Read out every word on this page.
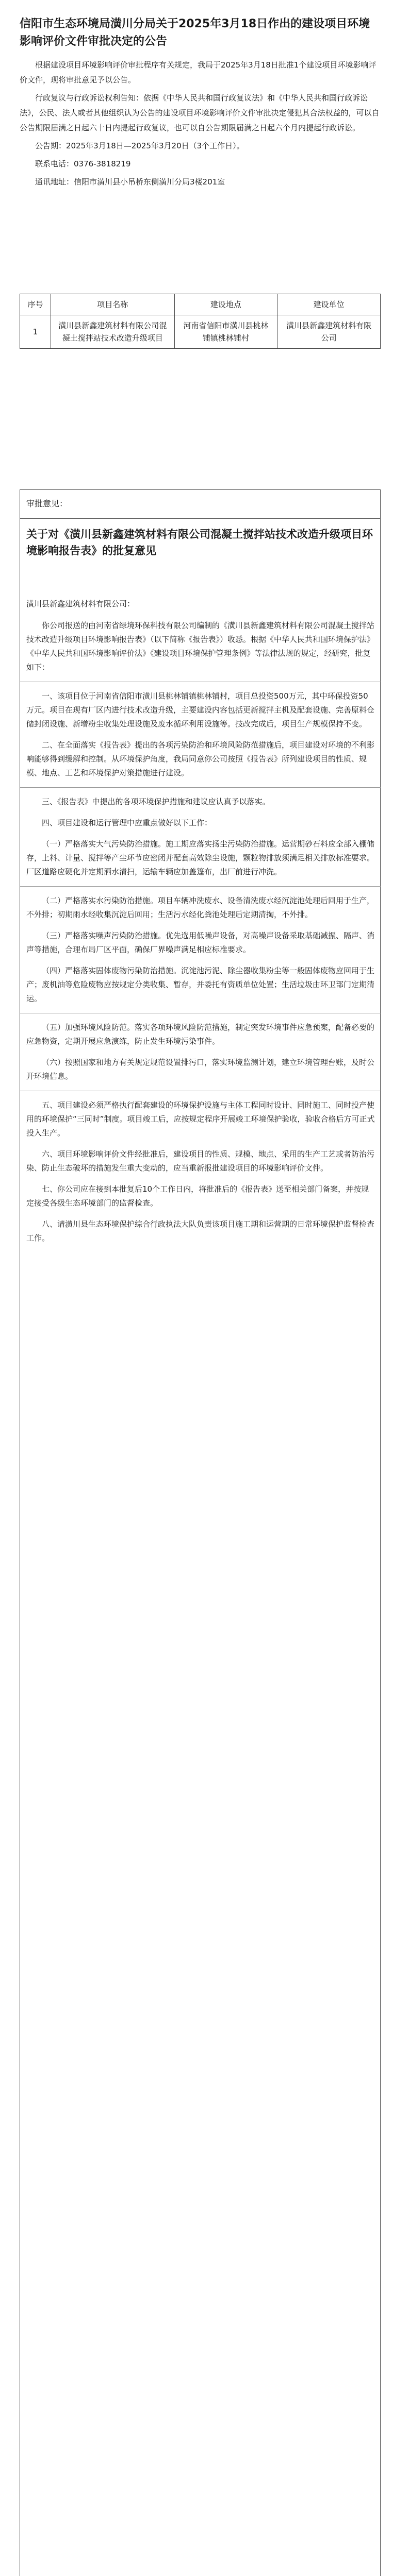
信阳市生态环境局潢川分局关于2025年3月18日作出的建设项目环境影响评价文件审批决定的公告

根据建设项目环境影响评价审批程序有关规定，我局于2025年3月18日批准1个建设项目环境影响评价文件，现将审批意见予以公告。

行政复议与行政诉讼权利告知：依据《中华人民共和国行政复议法》和《中华人民共和国行政诉讼法》，公民、法人或者其他组织认为公告的建设项目环境影响评价文件审批决定侵犯其合法权益的，可以自公告期限届满之日起六十日内提起行政复议，也可以自公告期限届满之日起六个月内提起行政诉讼。

公告期：2025年3月18日—2025年3月20日（3个工作日）。

联系电话：0376-3818219

通讯地址：信阳市潢川县小吊桥东侧潢川分局3楼201室

序号	项目名称	建设地点	建设单位
1	潢川县新鑫建筑材料有限公司混凝土搅拌站技术改造升级项目	河南省信阳市潢川县桃林铺镇桃林铺村	潢川县新鑫建筑材料有限公司
审批意见：
关于对《潢川县新鑫建筑材料有限公司混凝土搅拌站技术改造升级项目环境影响报告表》的批复意见
潢川县新鑫建筑材料有限公司：

你公司报送的由河南省绿境环保科技有限公司编制的《潢川县新鑫建筑材料有限公司混凝土搅拌站技术改造升级项目环境影响报告表》（以下简称《报告表》）收悉。根据《中华人民共和国环境保护法》《中华人民共和国环境影响评价法》《建设项目环境保护管理条例》等法律法规的规定，经研究，批复如下：

一、该项目位于河南省信阳市潢川县桃林铺镇桃林铺村，项目总投资500万元，其中环保投资50万元。项目在现有厂区内进行技术改造升级，主要建设内容包括更新搅拌主机及配套设施、完善原料仓储封闭设施、新增粉尘收集处理设施及废水循环利用设施等。技改完成后，项目生产规模保持不变。

二、在全面落实《报告表》提出的各项污染防治和环境风险防范措施后，项目建设对环境的不利影响能够得到缓解和控制。从环境保护角度，我局同意你公司按照《报告表》所列建设项目的性质、规模、地点、工艺和环境保护对策措施进行建设。

三、《报告表》中提出的各项环境保护措施和建议应认真予以落实。

四、项目建设和运行管理中应重点做好以下工作：

（一）严格落实大气污染防治措施。施工期应落实扬尘污染防治措施。运营期砂石料应全部入棚储存，上料、计量、搅拌等产尘环节应密闭并配套高效除尘设施，颗粒物排放须满足相关排放标准要求。厂区道路应硬化并定期洒水清扫，运输车辆应加盖篷布，出厂前进行冲洗。

（二）严格落实水污染防治措施。项目车辆冲洗废水、设备清洗废水经沉淀池处理后回用于生产，不外排；初期雨水经收集沉淀后回用；生活污水经化粪池处理后定期清掏，不外排。

（三）严格落实噪声污染防治措施。优先选用低噪声设备，对高噪声设备采取基础减振、隔声、消声等措施，合理布局厂区平面，确保厂界噪声满足相应标准要求。

（四）严格落实固体废物污染防治措施。沉淀池污泥、除尘器收集粉尘等一般固体废物应回用于生产；废机油等危险废物应按规定分类收集、暂存，并委托有资质单位处置；生活垃圾由环卫部门定期清运。

（五）加强环境风险防范。落实各项环境风险防范措施，制定突发环境事件应急预案，配备必要的应急物资，定期开展应急演练，防止发生环境污染事件。

（六）按照国家和地方有关规定规范设置排污口，落实环境监测计划，建立环境管理台账，及时公开环境信息。

五、项目建设必须严格执行配套建设的环境保护设施与主体工程同时设计、同时施工、同时投产使用的环境保护“三同时”制度。项目竣工后，应按规定程序开展竣工环境保护验收，验收合格后方可正式投入生产。

六、项目环境影响评价文件经批准后，建设项目的性质、规模、地点、采用的生产工艺或者防治污染、防止生态破坏的措施发生重大变动的，应当重新报批建设项目的环境影响评价文件。

七、你公司应在接到本批复后10个工作日内，将批准后的《报告表》送至相关部门备案，并按规定接受各级生态环境部门的监督检查。

八、请潢川县生态环境保护综合行政执法大队负责该项目施工期和运营期的日常环境保护监督检查工作。
